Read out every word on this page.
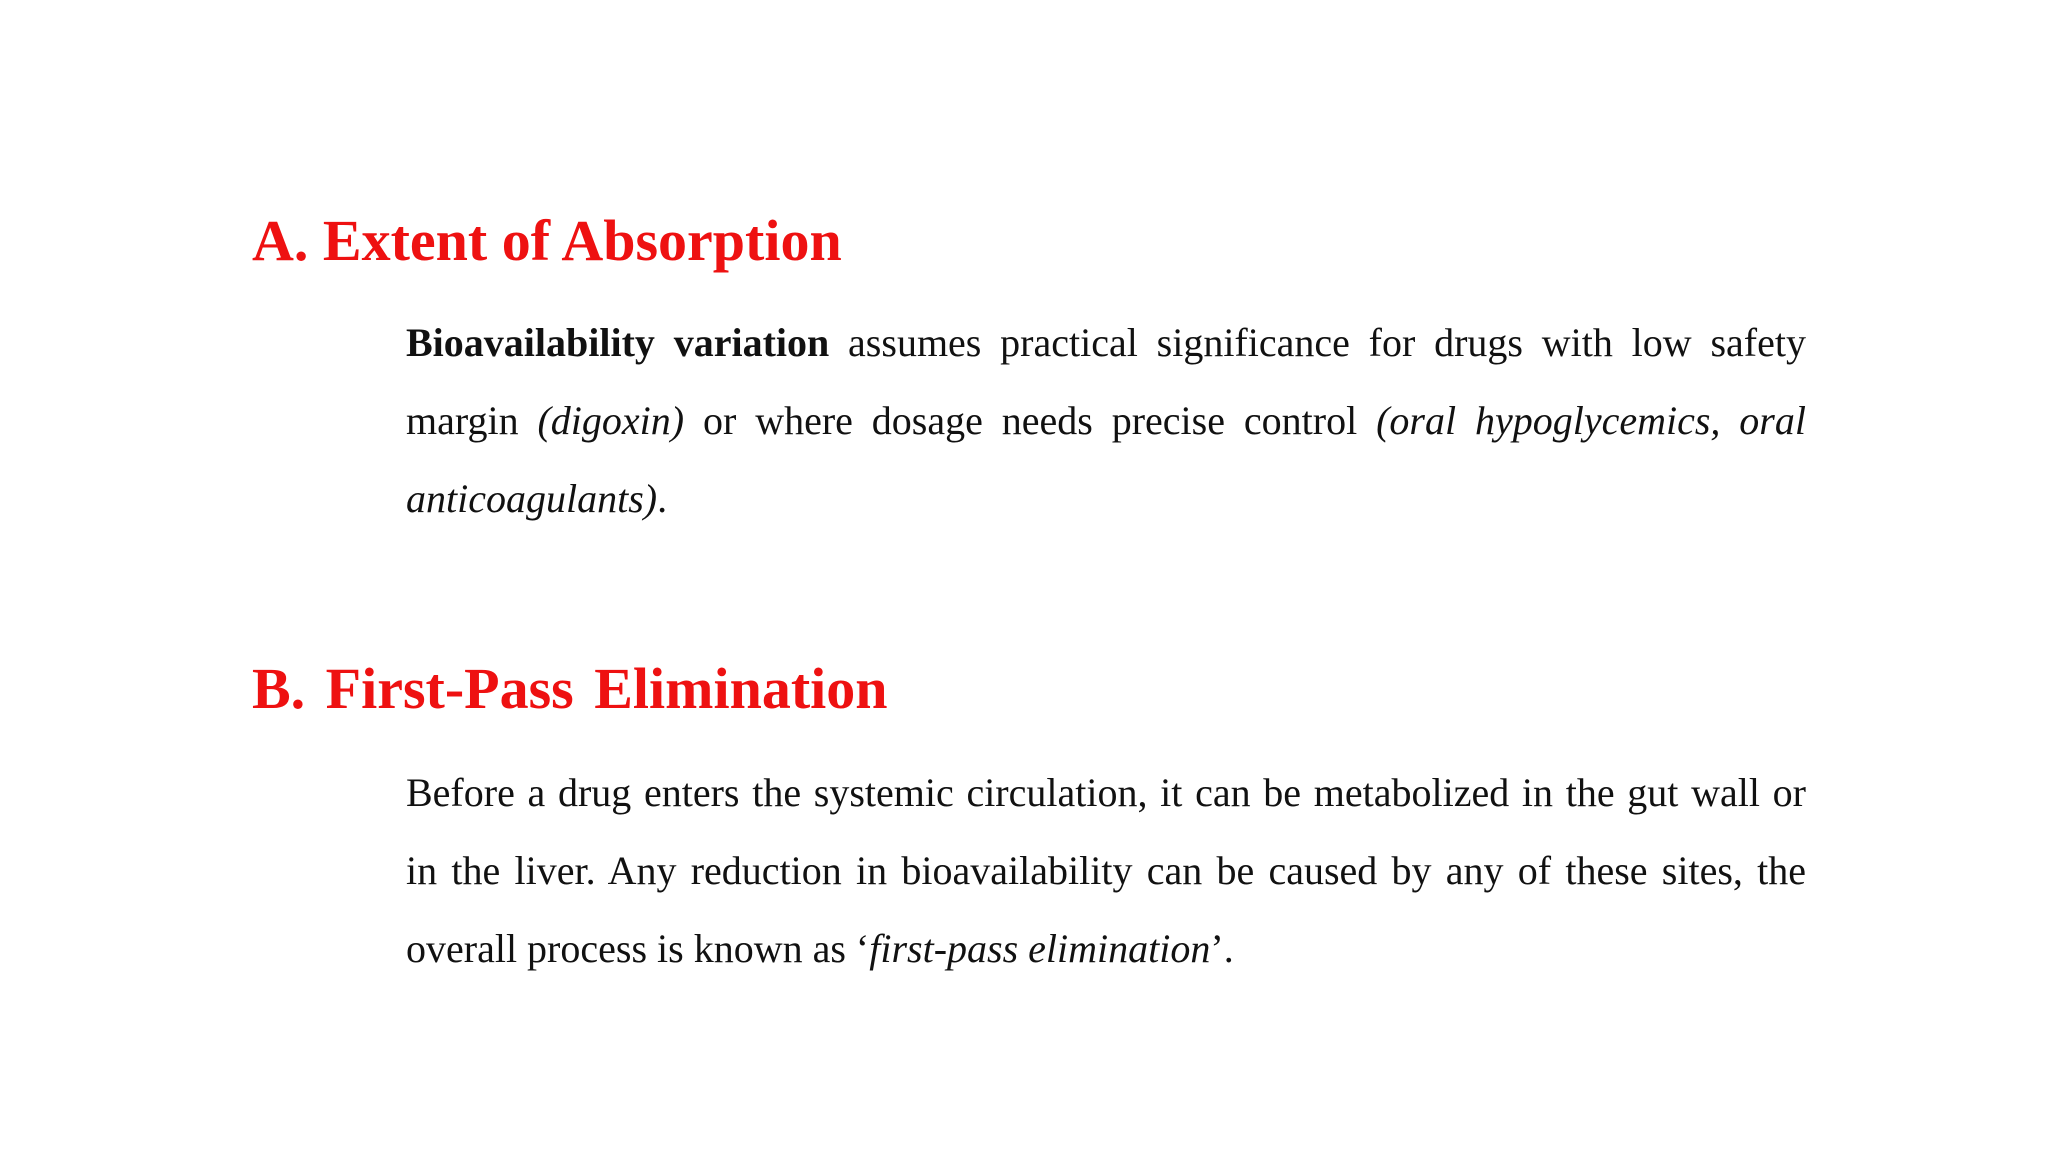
A. Extent of Absorption

Bioavailability variation assumes practical significance for drugs with low safety margin (digoxin) or where dosage needs precise control (oral hypoglycemics, oral anticoagulants).

B. First-Pass Elimination

Before a drug enters the systemic circulation, it can be metabolized in the gut wall or in the liver. Any reduction in bioavailability can be caused by any of these sites, the overall process is known as ‘first-pass elimination’.
